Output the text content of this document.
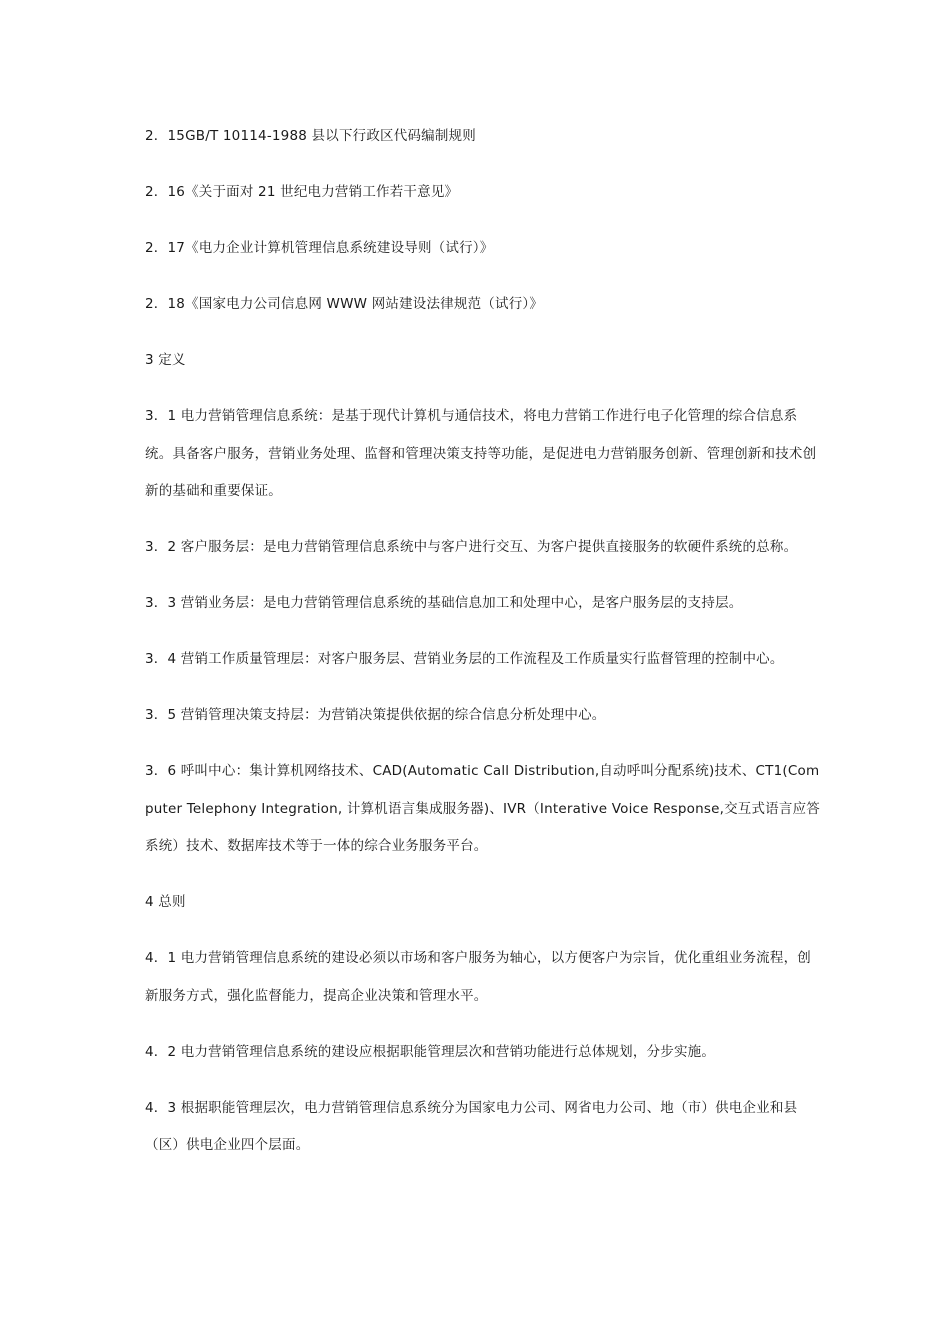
2．15GB/T 10114-1988 县以下行政区代码编制规则

2．16《关于面对 21 世纪电力营销工作若干意见》

2．17《电力企业计算机管理信息系统建设导则（试行）》

2．18《国家电力公司信息网 WWW 网站建设法律规范（试行）》

3 定义

3．1 电力营销管理信息系统：是基于现代计算机与通信技术，将电力营销工作进行电子化管理的综合信息系统。具备客户服务，营销业务处理、监督和管理决策支持等功能，是促进电力营销服务创新、管理创新和技术创新的基础和重要保证。

3．2 客户服务层：是电力营销管理信息系统中与客户进行交互、为客户提供直接服务的软硬件系统的总称。

3．3 营销业务层：是电力营销管理信息系统的基础信息加工和处理中心，是客户服务层的支持层。

3．4 营销工作质量管理层：对客户服务层、营销业务层的工作流程及工作质量实行监督管理的控制中心。

3．5 营销管理决策支持层：为营销决策提供依据的综合信息分析处理中心。

3．6 呼叫中心：集计算机网络技术、CAD(Automatic Call Distribution,自动呼叫分配系统)技术、CT1(Computer Telephony Integration, 计算机语言集成服务器)、IVR（Interative Voice Response,交互式语言应答系统）技术、数据库技术等于一体的综合业务服务平台。

4 总则

4．1 电力营销管理信息系统的建设必须以市场和客户服务为轴心，以方便客户为宗旨，优化重组业务流程，创新服务方式，强化监督能力，提高企业决策和管理水平。

4．2 电力营销管理信息系统的建设应根据职能管理层次和营销功能进行总体规划，分步实施。

4．3 根据职能管理层次，电力营销管理信息系统分为国家电力公司、网省电力公司、地（市）供电企业和县（区）供电企业四个层面。
